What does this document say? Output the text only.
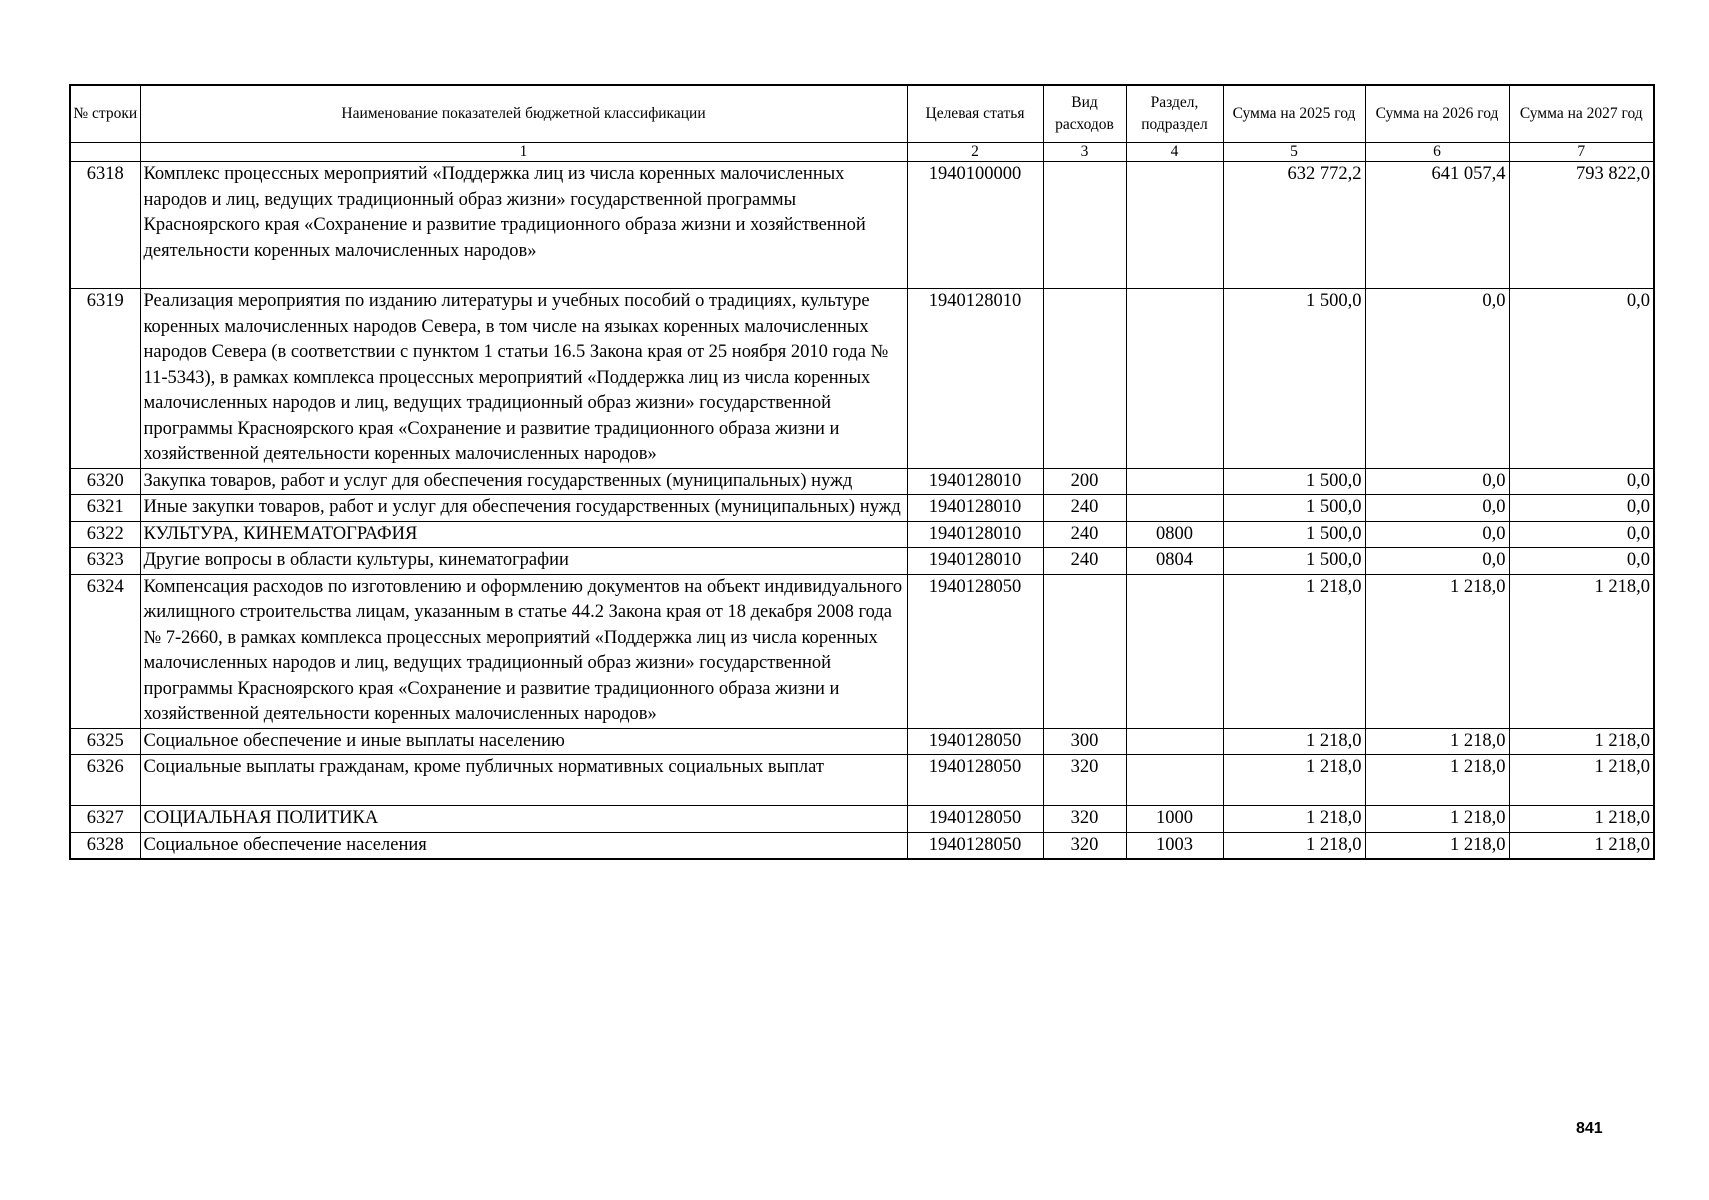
№ строки	Наименование показателей бюджетной классификации	Целевая статья	Вид расходов	Раздел, подраздел	Сумма на 2025 год	Сумма на 2026 год	Сумма на 2027 год
	1	2	3	4	5	6	7
6318	Комплекс процессных мероприятий «Поддержка лиц из числа коренных малочисленных народов и лиц, ведущих традиционный образ жизни» государственной программы Красноярского края «Сохранение и развитие традиционного образа жизни и хозяйственной деятельности коренных малочисленных народов»	1940100000			632 772,2	641 057,4	793 822,0
6319	Реализация мероприятия по изданию литературы и учебных пособий о традициях, культуре коренных малочисленных народов Севера, в том числе на языках коренных малочисленных народов Севера (в соответствии с пунктом 1 статьи 16.5 Закона края от 25 ноября 2010 года № 11-5343), в рамках комплекса процессных мероприятий «Поддержка лиц из числа коренных малочисленных народов и лиц, ведущих традиционный образ жизни» государственной программы Красноярского края «Сохранение и развитие традиционного образа жизни и хозяйственной деятельности коренных малочисленных народов»	1940128010			1 500,0	0,0	0,0
6320	Закупка товаров, работ и услуг для обеспечения государственных (муниципальных) нужд	1940128010	200		1 500,0	0,0	0,0
6321	Иные закупки товаров, работ и услуг для обеспечения государственных (муниципальных) нужд	1940128010	240		1 500,0	0,0	0,0
6322	КУЛЬТУРА, КИНЕМАТОГРАФИЯ	1940128010	240	0800	1 500,0	0,0	0,0
6323	Другие вопросы в области культуры, кинематографии	1940128010	240	0804	1 500,0	0,0	0,0
6324	Компенсация расходов по изготовлению и оформлению документов на объект индивидуального жилищного строительства лицам, указанным в статье 44.2 Закона края от 18 декабря 2008 года № 7-2660, в рамках комплекса процессных мероприятий «Поддержка лиц из числа коренных малочисленных народов и лиц, ведущих традиционный образ жизни» государственной программы Красноярского края «Сохранение и развитие традиционного образа жизни и хозяйственной деятельности коренных малочисленных народов»	1940128050			1 218,0	1 218,0	1 218,0
6325	Социальное обеспечение и иные выплаты населению	1940128050	300		1 218,0	1 218,0	1 218,0
6326	Социальные выплаты гражданам, кроме публичных нормативных социальных выплат	1940128050	320		1 218,0	1 218,0	1 218,0
6327	СОЦИАЛЬНАЯ ПОЛИТИКА	1940128050	320	1000	1 218,0	1 218,0	1 218,0
6328	Социальное обеспечение населения	1940128050	320	1003	1 218,0	1 218,0	1 218,0
841
